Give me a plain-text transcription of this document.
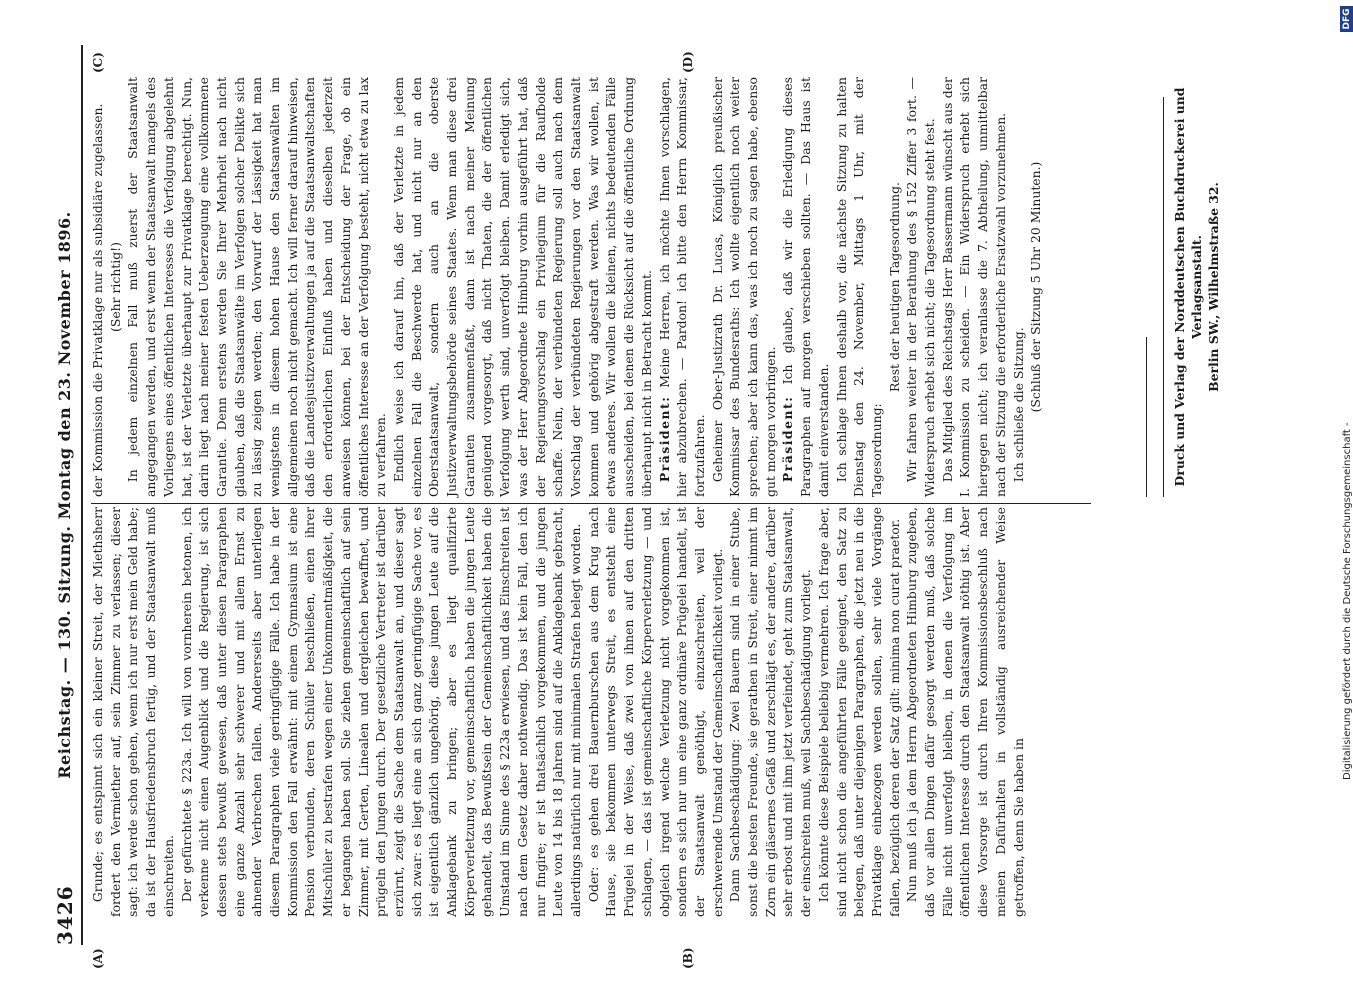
3426
Reichstag. — 130. Sitzung. Montag den 23. November 1896.
(A)	(B)
(C)	(D)

Grunde; es entspinnt sich ein kleiner Streit, der Miethsherr fordert den Vermiether auf, sein Zimmer zu verlassen; dieser sagt: ich werde schon gehen, wenn ich nur erst mein Geld habe; da ist der Hausfriedensbruch fertig, und der Staatsanwalt muß einschreiten. Der gefürchtete § 223a. Ich will von vornherein betonen, ich verkenne nicht einen Augenblick und die Regierung, ist sich dessen stets bewußt gewesen, daß unter diesen Paragraphen eine ganze Anzahl sehr schwerer und mit allem Ernst zu ahnender Verbrechen fallen. Andererseits aber unterliegen diesem Paragraphen viele geringfügige Fälle. Ich habe in der Kommission den Fall erwähnt: mit einem Gymnasium ist eine Pension verbunden, deren Schüler beschließen, einen ihrer Mitschüler zu bestrafen wegen einer Unkommentmäßigkeit, die er begangen haben soll. Sie ziehen gemeinschaftlich auf sein Zimmer, mit Gerten, Linealen und dergleichen bewaffnet, und prügeln den Jungen durch. Der gesetzliche Vertreter ist darüber erzürnt, zeigt die Sache dem Staatsanwalt an, und dieser sagt sich zwar: es liegt eine an sich ganz geringfügige Sache vor, es ist eigentlich gänzlich ungehörig, diese jungen Leute auf die Anklagebank zu bringen; aber es liegt qualifizirte Körperverletzung vor, gemeinschaftlich haben die jungen Leute gehandelt, das Bewußtsein der Gemeinschaftlichkeit haben die Umstand im Sinne des § 223a erwiesen, und das Einschreiten ist nach dem Gesetz daher nothwendig. Das ist kein Fall, den ich nur fingire; er ist thatsächlich vorgekommen, und die jungen Leute von 14 bis 18 Jahren sind auf die Anklagebank gebracht, allerdings natürlich nur mit minimalen Strafen belegt worden. Oder: es gehen drei Bauernburschen aus dem Krug nach Hause, sie bekommen unterwegs Streit, es entsteht eine Prügelei in der Weise, daß zwei von ihnen auf den dritten schlagen, — das ist gemeinschaftliche Körperverletzung — und obgleich irgend welche Verletzung nicht vorgekommen ist, sondern es sich nur um eine ganz ordinäre Prügelei handelt, ist der Staatsanwalt genöthigt, einzuschreiten, weil der erschwerende Umstand der Gemeinschaftlichkeit vorliegt. Dann Sachbeschädigung: Zwei Bauern sind in einer Stube, sonst die besten Freunde, sie gerathen in Streit, einer nimmt im Zorn ein gläsernes Gefäß und zerschlägt es, der andere, darüber sehr erbost und mit ihm jetzt verfeindet, geht zum Staatsanwalt, der einschreiten muß, weil Sachbeschädigung vorliegt. Ich könnte diese Beispiele beliebig vermehren. Ich frage aber, sind nicht schon die angeführten Fälle geeignet, den Satz zu belegen, daß unter diejenigen Paragraphen, die jetzt neu in die Privatklage einbezogen werden sollen, sehr viele Vorgänge fallen, bezüglich deren der Satz gilt: minima non curat praetor. Nun muß ich ja dem Herrn Abgeordneten Himburg zugeben, daß vor allen Dingen dafür gesorgt werden muß, daß solche Fälle nicht unverfolgt bleiben, in denen die Verfolgung im öffentlichen Interesse durch den Staatsanwalt nöthig ist. Aber diese Vorsorge ist durch Ihren Kommissionsbeschluß nach meinen Dafürhalten in vollständig ausreichender Weise getroffen, denn Sie haben in

der Kommission die Privatklage nur als subsidiäre zugelassen. (Sehr richtig!) In jedem einzelnen Fall muß zuerst der Staatsanwalt angegangen werden, und erst wenn der Staatsanwalt mangels des Vorliegens eines öffentlichen Interesses die Verfolgung abgelehnt hat, ist der Verletzte überhaupt zur Privatklage berechtigt. Nun, darin liegt nach meiner festen Ueberzeugung eine vollkommene Garantie. Denn erstens werden Sie Ihrer Mehrheit nach nicht glauben, daß die Staatsanwälte im Verfolgen solcher Delikte sich zu lässig zeigen werden; den Vorwurf der Lässigkeit hat man wenigstens in diesem hohen Hause den Staatsanwälten im allgemeinen noch nicht gemacht. Ich will ferner darauf hinweisen, daß die Landesjustizverwaltungen ja auf die Staatsanwaltschaften den erforderlichen Einfluß haben und dieselben jederzeit anweisen können, bei der Entscheidung der Frage, ob ein öffentliches Interesse an der Verfolgung besteht, nicht etwa zu lax zu verfahren. Endlich weise ich darauf hin, daß der Verletzte in jedem einzelnen Fall die Beschwerde hat, und nicht nur an den Oberstaatsanwalt, sondern auch an die oberste Justizverwaltungsbehörde seines Staates. Wenn man diese drei Garantien zusammenfaßt, dann ist nach meiner Meinung genügend vorgesorgt, daß nicht Thaten, die der öffentlichen Verfolgung werth sind, unverfolgt bleiben. Damit erledigt sich, was der Herr Abgeordnete Himburg vorhin ausgeführt hat, daß der Regierungsvorschlag ein Privilegium für die Raufbolde schaffe. Nein, der verbündeten Regierung soll auch nach dem Vorschlag der verbündeten Regierungen vor den Staatsanwalt kommen und gehörig abgestraft werden. Was wir wollen, ist etwas anderes. Wir wollen die kleinen, nichts bedeutenden Fälle ausscheiden, bei denen die Rücksicht auf die öffentliche Ordnung überhaupt nicht in Betracht kommt. Präsident: Meine Herren, ich möchte Ihnen vorschlagen, hier abzubrechen. — Pardon! ich bitte den Herrn Kommissar, fortzufahren. Geheimer Ober-Justizrath Dr. Lucas, Königlich preußischer Kommissar des Bundesraths: Ich wollte eigentlich noch weiter sprechen; aber ich kann das, was ich noch zu sagen habe, ebenso gut morgen vorbringen. Präsident: Ich glaube, daß wir die Erledigung dieses Paragraphen auf morgen verschieben sollten. — Das Haus ist damit einverstanden. Ich schlage Ihnen deshalb vor, die nächste Sitzung zu halten Dienstag den 24. November, Mittags 1 Uhr, mit der Tagesordnung:

Rest der heutigen Tagesordnung. Wir fahren weiter in der Berathung des § 152 Ziffer 3 fort. — Widerspruch erhebt sich nicht; die Tagesordnung steht fest. Das Mitglied des Reichstags Herr Bassermann wünscht aus der I. Kommission zu scheiden. — Ein Widerspruch erhebt sich hiergegen nicht; ich veranlasse die 7. Abtheilung, unmittelbar nach der Sitzung die erforderliche Ersatzwahl vorzunehmen. Ich schließe die Sitzung. (Schluß der Sitzung 5 Uhr 20 Minuten.)	Druck und Verlag der Norddeutschen Buchdruckerei und Verlagsanstalt. Berlin SW., Wilhelmstraße 32.
DFG
Digitalisierung gefördert durch die Deutsche Forschungsgemeinschaft -
